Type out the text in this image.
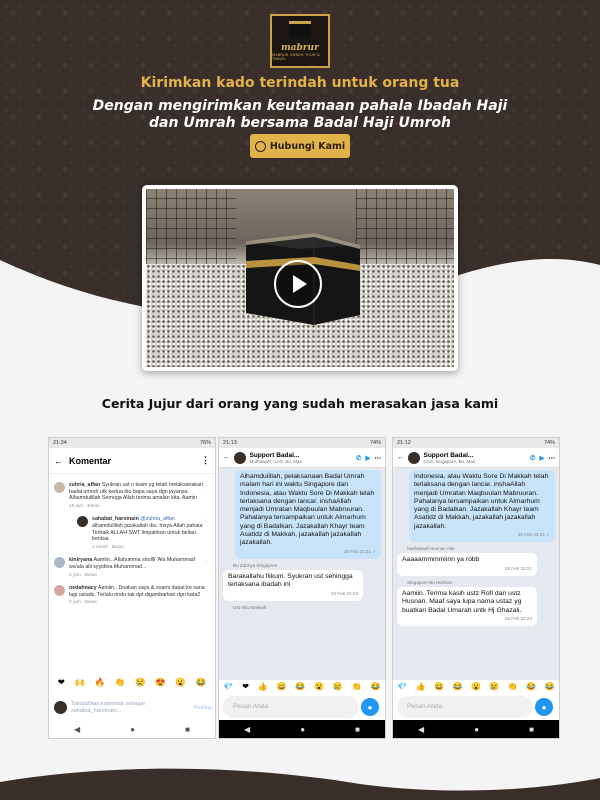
mabrur
MABRUR UMRAH TOUR & TRAVEL
Kirimkan kado terindah untuk orang tua
Dengan mengirimkan keutamaan pahala Ibadah Haji dan Umrah bersama Badal Haji Umroh
Hubungi Kami
Cerita Jujur dari orang yang sudah merasakan jasa kami
21:34	76%
← Komentar	⋮
zuhria_affan Syukran ust n team yg telah melaksanakan badal umroh utk kedua ibu bapa saya dgn jayanya. Alhamdulillah Semoga Allah terima amalan kita. Aamin
15 jam Balas
♡
sahabat_haromain @zuhria_affan alhamdulillah jazakallah ibu. Insya Allah pahala Terbaik ALLAH SWT limpahkan untuk beliau berdua
1 menit Balas
♡
kiniryana Aamiin...Allahumma shollli 'Ala Muhammad wa'ala alii syyidina Muhammad...
2 jam Balas
♡
nedahnacy Aamiin.. Doakan saya & suami dapat ke sana lagi ustadz. Terlalu rindu tak dpt digambarkan dgn kata2
2 jam Balas
♡
❤ 🙌 🔥 👏 😢 😍 😮 😂
Tambahkan komentar sebagai sahabat_haromain...	Posting
◀	●	■
21:13	74%
←	Support Badal...
Muthawwif, CAD, Bu, Mas	✆ ▶ ⋯
Alhamduiillah, pelaksanaan Badal Umrah malam hari ini waktu Singapore dan Indonesia, atau Waktu Sore Di Makkah telah terlaksana dengan lancar. inshaAllah menjadi Umratan Maqbuulan Mabruuran. Pahalanya tersampaikan untuk Almarhum yang di Badalkan. Jazakallah Khayr team Asatidz di Makkah, jazakallah jazakallah jazakallah.
26 Feb 22:21 ✓
Bu Zuhriya Singapore
Barakallahu fiikum. Syukran ust sehingga terlaksana ibadah ini
26 Feb 22:23
Ust Abu Makkah
💎 ❤ 👍 😀 😂 😮 😢 👏 😂
Pesan Anda	●
◀	●	■
21:12	74%
←	Support Badal...
CAD, Singapore, Bu, Mas	✆ ▶ ⋯
Indonesia, atau Waktu Sore Di Makkah telah terlaksana dengan lancar. inshaAllah menjadi Umratan Maqbuulan Mabruuran. Pahalanya tersampaikan untuk Almarhum yang di Badalkan. Jazakallah Khayr team Asatidz di Makkah, jazakallah jazakallah jazakallah.
26 Feb 22:21 ✓
Muthawwif Husnan Alie
Aaaaammmmiinn ya robb
26 Feb 22:21
Singapore Bu Norleah
Aamiin..Terima kasih ustz Rofi dan ustz Husnan. Maaf saya lupa nama ustaz yg buatkan Badal Umarah untk Hj Ghazali.
26 Feb 22:23
💎 👍 😀 😂 😮 😢 👏 😂 😂
Pesan Anda	●
◀	●	■
